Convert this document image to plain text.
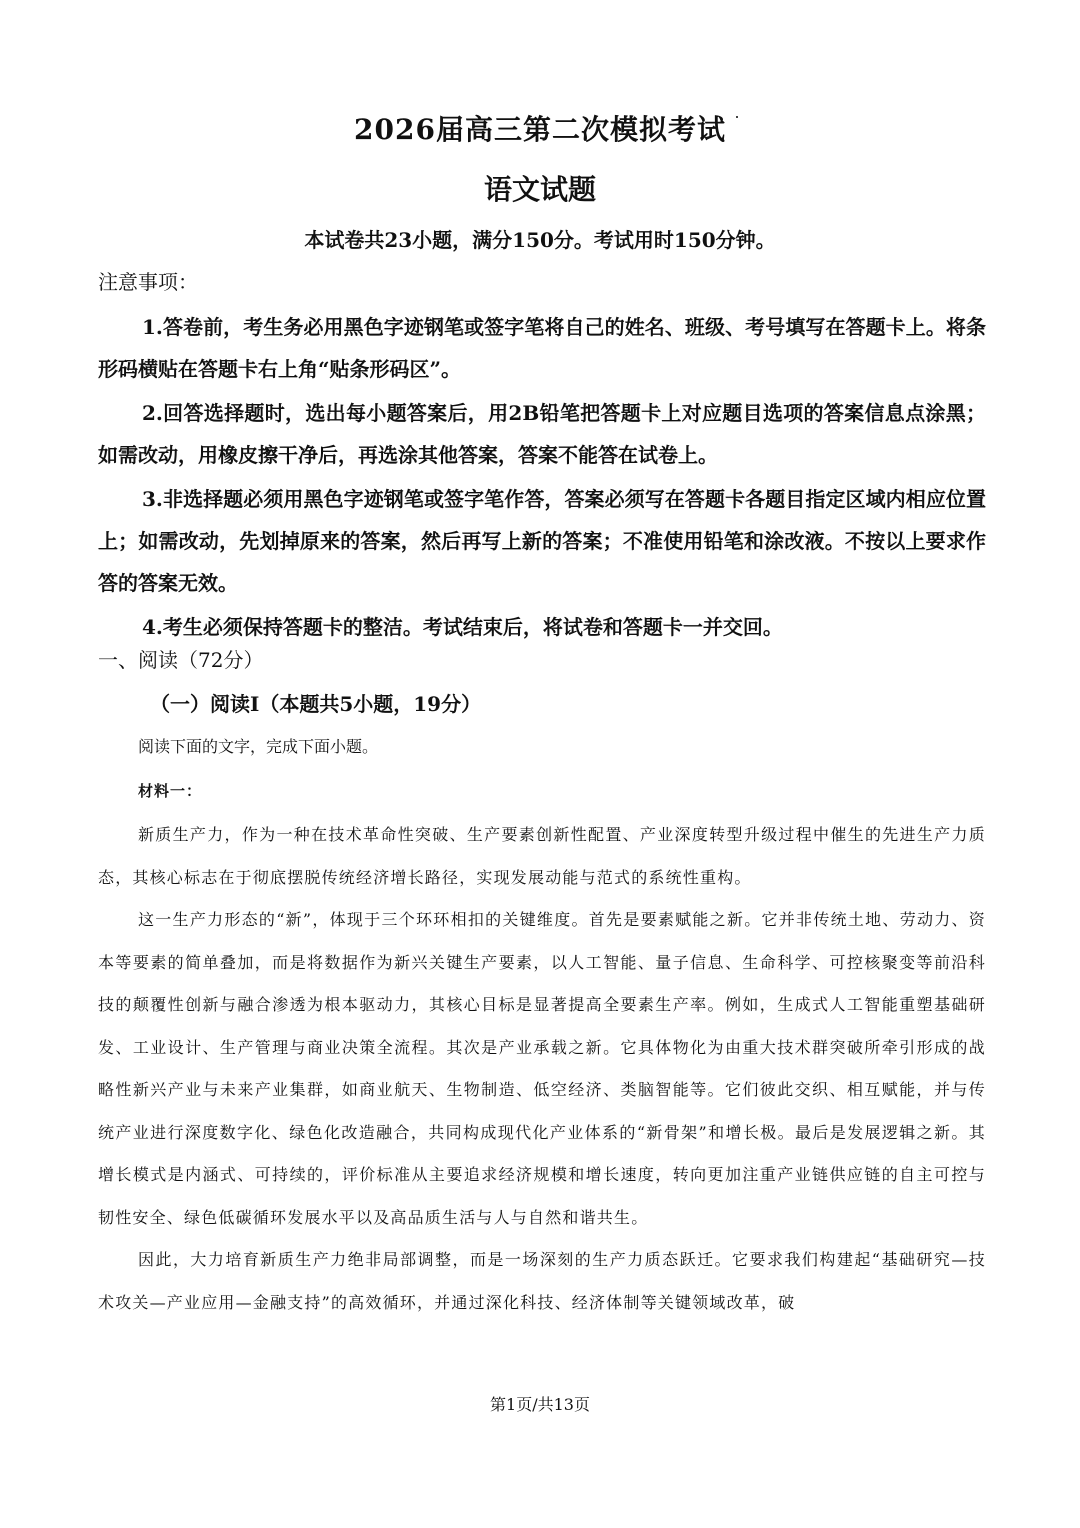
2026届高三第二次模拟考试
语文试题
本试卷共23小题，满分150分。考试用时150分钟。
注意事项：

1.答卷前，考生务必用黑色字迹钢笔或签字笔将自己的姓名、班级、考号填写在答题卡上。将条形码横贴在答题卡右上角“贴条形码区”。

2.回答选择题时，选出每小题答案后，用2B铅笔把答题卡上对应题目选项的答案信息点涂黑；如需改动，用橡皮擦干净后，再选涂其他答案，答案不能答在试卷上。

3.非选择题必须用黑色字迹钢笔或签字笔作答，答案必须写在答题卡各题目指定区域内相应位置上；如需改动，先划掉原来的答案，然后再写上新的答案；不准使用铅笔和涂改液。不按以上要求作答的答案无效。

4.考生必须保持答题卡的整洁。考试结束后，将试卷和答题卡一并交回。

一、阅读（72分）
（一）阅读Ⅰ（本题共5小题，19分）
阅读下面的文字，完成下面小题。
材料一：

新质生产力，作为一种在技术革命性突破、生产要素创新性配置、产业深度转型升级过程中催生的先进生产力质态，其核心标志在于彻底摆脱传统经济增长路径，实现发展动能与范式的系统性重构。

这一生产力形态的“新”，体现于三个环环相扣的关键维度。首先是要素赋能之新。它并非传统土地、劳动力、资本等要素的简单叠加，而是将数据作为新兴关键生产要素，以人工智能、量子信息、生命科学、可控核聚变等前沿科技的颠覆性创新与融合渗透为根本驱动力，其核心目标是显著提高全要素生产率。例如，生成式人工智能重塑基础研发、工业设计、生产管理与商业决策全流程。其次是产业承载之新。它具体物化为由重大技术群突破所牵引形成的战略性新兴产业与未来产业集群，如商业航天、生物制造、低空经济、类脑智能等。它们彼此交织、相互赋能，并与传统产业进行深度数字化、绿色化改造融合，共同构成现代化产业体系的“新骨架”和增长极。最后是发展逻辑之新。其增长模式是内涵式、可持续的，评价标准从主要追求经济规模和增长速度，转向更加注重产业链供应链的自主可控与韧性安全、绿色低碳循环发展水平以及高品质生活与人与自然和谐共生。

因此，大力培育新质生产力绝非局部调整，而是一场深刻的生产力质态跃迁。它要求我们构建起“基础研究—技术攻关—产业应用—金融支持”的高效循环，并通过深化科技、经济体制等关键领域改革，破

第1页/共13页
